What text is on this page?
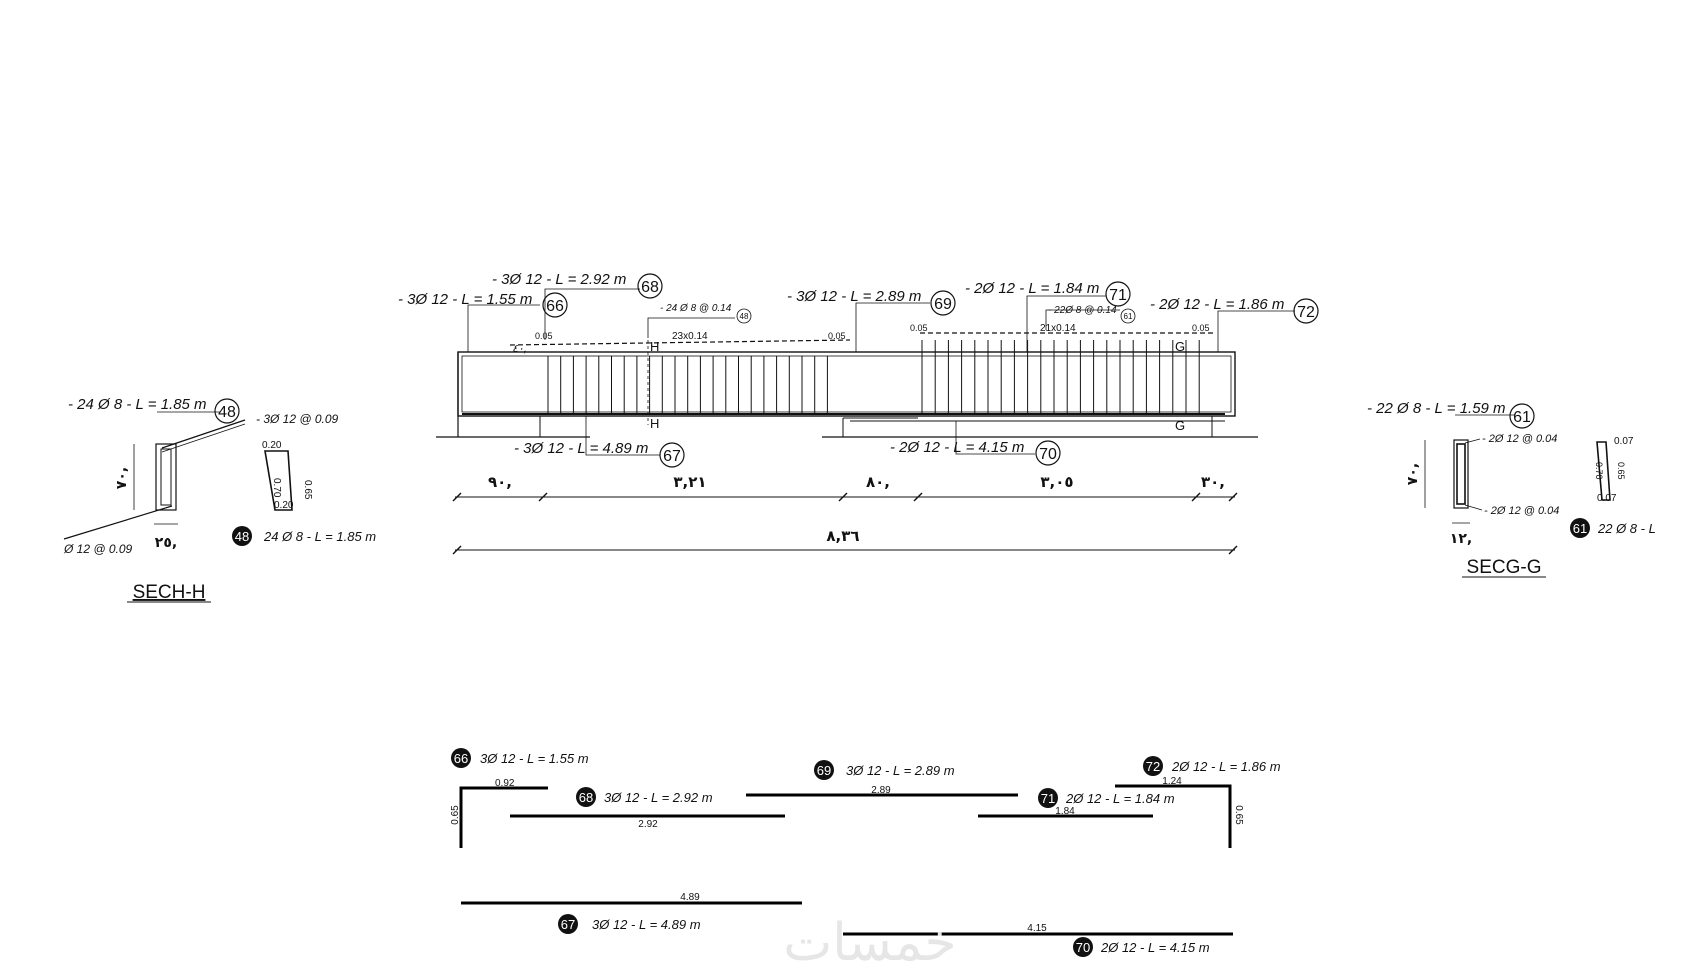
H
H
G
G
٤٠,
0.05	0.05
0.05	0.05
23x0.14
21x0.14
- 24 Ø 8 @ 0.14
48
- 22Ø 8 @ 0.14
61
- 3Ø 12 - L = 1.55 m 66
- 3Ø 12 - L = 2.92 m 68
- 3Ø 12 - L = 2.89 m 69
- 2Ø 12 - L = 1.84 m 71
- 2Ø 12 - L = 1.86 m 72
- 3Ø 12 - L = 4.89 m 67
- 2Ø 12 - L = 4.15 m 70
٩٠,	٣,٢١	٨٠,	٣,٠٥	٣٠,
٨,٣٦
- 24 Ø 8 - L = 1.85 m 48 - 3Ø 12 @ 0.09
Ø 12 @ 0.09
٧٠,
٢٥,
0.20
0.70 0.65
0.20
48 24 Ø 8 - L = 1.85 m
SECH-H
- 22 Ø 8 - L = 1.59 m
61
- 2Ø 12 @ 0.04
- 2Ø 12 @ 0.04
٧٠,
١٢,
0.07
0.70 0.65
0.07
61 22 Ø 8 - L
SECG-G
66 3Ø 12 - L = 1.55 m
0.92
0.65
68 3Ø 12 - L = 2.92 m
2.92
69 3Ø 12 - L = 2.89 m
2.89
71 2Ø 12 - L = 1.84 m
1.84
72 2Ø 12 - L = 1.86 m
1.24
0.65
4.89
67 3Ø 12 - L = 4.89 m	4.15
70 2Ø 12 - L = 4.15 m
خمسات
